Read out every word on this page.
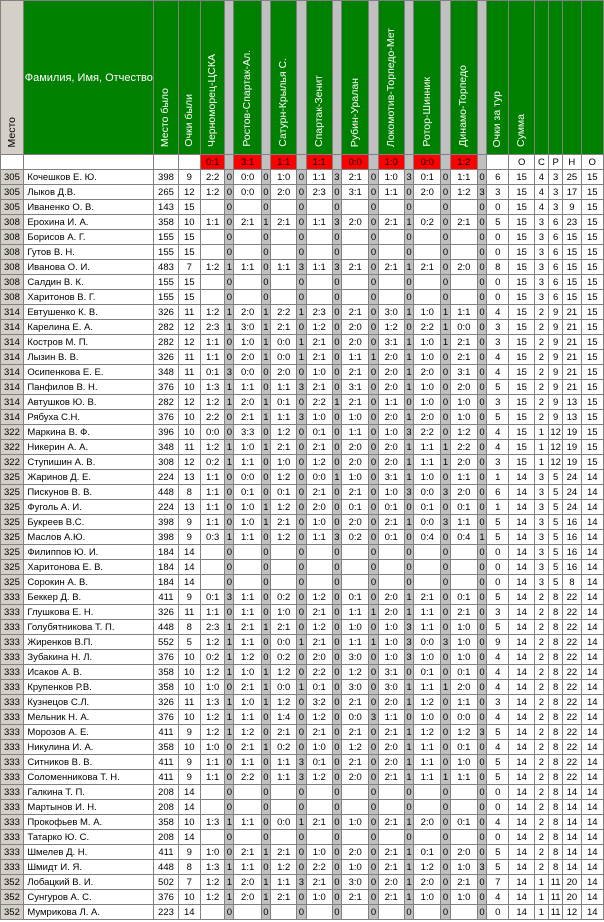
Место	Фамилия, Имя, Отчество	Место было	Очки были	Черноморец-ЦСКА		Ростов-Спартак-Ал.		Сатурн-Крылья С.		Спартак-Зенит		Рубин-Уралан		Локомотив-Торпедо-Мет		Ротор-Шинник		Динамо-Торпедо		Очки за тур	Сумма				
				0:1		3:1		1:1		1:1		0:0		1:0		0:0		1:2			О	С	Р	Н	О
305	Кочешков Е. Ю.	398	9	2:2	0	0:0	0	1:0	0	1:1	3	2:1	0	1:0	3	0:1	0	1:1	0	6	15	4	3	25	15
305	Лыков Д.В.	265	12	1:2	0	0:0	0	2:0	0	2:3	0	3:1	0	1:1	0	2:0	0	1:2	3	3	15	4	3	17	15
305	Иваненко О. В.	143	15		0		0		0		0		0		0		0		0	0	15	4	3	9	15
308	Ерохина И. А.	358	10	1:1	0	2:1	1	2:1	0	1:1	3	2:0	0	2:1	1	0:2	0	2:1	0	5	15	3	6	23	15
308	Борисов А. Г.	155	15		0		0		0		0		0		0		0		0	0	15	3	6	15	15
308	Гутов В. Н.	155	15		0		0		0		0		0		0		0		0	0	15	3	6	15	15
308	Иванова О. И.	483	7	1:2	1	1:1	0	1:1	3	1:1	3	2:1	0	2:1	1	2:1	0	2:0	0	8	15	3	6	15	15
308	Салдин В. К.	155	15		0		0		0		0		0		0		0		0	0	15	3	6	15	15
308	Харитонов В. Г.	155	15		0		0		0		0		0		0		0		0	0	15	3	6	15	15
314	Евтушенко К. В.	326	11	1:2	1	2:0	1	2:2	1	2:3	0	2:1	0	3:0	1	1:0	1	1:1	0	4	15	2	9	21	15
314	Карелина Е. А.	282	12	2:3	1	3:0	1	2:1	0	1:2	0	2:0	0	1:2	0	2:2	1	0:0	0	3	15	2	9	21	15
314	Костров М. П.	282	12	1:1	0	1:0	1	0:0	1	2:1	0	2:0	0	3:1	1	1:0	1	2:1	0	3	15	2	9	21	15
314	Лызин В. В.	326	11	1:1	0	2:0	1	0:0	1	2:1	0	1:1	1	2:0	1	1:0	0	2:1	0	4	15	2	9	21	15
314	Осипенкова Е. Е.	348	11	0:1	3	0:0	0	2:0	0	1:0	0	2:1	0	2:0	1	2:0	0	3:1	0	4	15	2	9	21	15
314	Панфилов В. Н.	376	10	1:3	1	1:1	0	1:1	3	2:1	0	3:1	0	2:0	1	1:0	0	2:0	0	5	15	2	9	21	15
314	Автушков Ю. В.	282	12	1:2	1	2:0	1	0:1	0	2:2	1	2:1	0	1:1	0	1:0	0	1:0	0	3	15	2	9	13	15
314	Рябуха С.Н.	376	10	2:2	0	2:1	1	1:1	3	1:0	0	1:0	0	2:0	1	2:0	0	1:0	0	5	15	2	9	13	15
322	Маркина В. Ф.	396	10	0:0	0	3:3	0	1:2	0	0:1	0	1:1	0	1:0	3	2:2	0	1:2	0	4	15	1	12	19	15
322	Никерин А. А.	348	11	1:2	1	1:0	1	2:1	0	2:1	0	2:0	0	2:0	1	1:1	1	2:2	0	4	15	1	12	19	15
322	Ступишин А. В.	308	12	0:2	1	1:1	0	1:0	0	1:2	0	2:0	0	2:0	1	1:1	1	2:0	0	3	15	1	12	19	15
325	Жаринов Д. Е.	224	13	1:1	0	0:0	0	1:2	0	0:0	1	1:0	0	3:1	1	1:0	0	1:1	0	1	14	3	5	24	14
325	Пискунов В. В.	448	8	1:1	0	0:1	0	0:1	0	2:1	0	2:1	0	1:0	3	0:0	3	2:0	0	6	14	3	5	24	14
325	Фуголь А. И.	224	13	1:1	0	1:0	1	1:2	0	2:0	0	0:1	0	0:1	0	0:1	0	0:1	0	1	14	3	5	24	14
325	Букреев В.С.	398	9	1:1	0	1:0	1	2:1	0	1:0	0	2:0	0	2:1	1	0:0	3	1:1	0	5	14	3	5	16	14
325	Маслов А.Ю.	398	9	0:3	1	1:1	0	1:2	0	1:1	3	0:2	0	0:1	0	0:4	0	0:4	1	5	14	3	5	16	14
325	Филиппов Ю. И.	184	14		0		0		0		0		0		0		0		0	0	14	3	5	16	14
325	Харитонова Е. В.	184	14		0		0		0		0		0		0		0		0	0	14	3	5	16	14
325	Сорокин А. В.	184	14		0		0		0		0		0		0		0		0	0	14	3	5	8	14
333	Беккер Д. В.	411	9	0:1	3	1:1	0	0:2	0	1:2	0	0:1	0	2:0	1	2:1	0	0:1	0	5	14	2	8	22	14
333	Глушкова Е. Н.	326	11	1:1	0	1:1	0	1:0	0	2:1	0	1:1	1	2:0	1	1:1	0	2:1	0	3	14	2	8	22	14
333	Голубятникова Т. П.	448	8	2:3	1	2:1	1	2:1	0	1:2	0	1:0	0	1:0	3	1:1	0	1:0	0	5	14	2	8	22	14
333	Жиренков В.П.	552	5	1:2	1	1:1	0	0:0	1	2:1	0	1:1	1	1:0	3	0:0	3	1:0	0	9	14	2	8	22	14
333	Зубакина Н. Л.	376	10	0:2	1	1:2	0	0:2	0	2:0	0	3:0	0	1:0	3	1:0	0	1:0	0	4	14	2	8	22	14
333	Исаков А. В.	358	10	1:2	1	1:0	1	1:2	0	2:2	0	1:2	0	3:1	0	0:1	0	0:1	0	4	14	2	8	22	14
333	Крупенков Р.В.	358	10	1:0	0	2:1	1	0:0	1	0:1	0	3:0	0	3:0	1	1:1	1	2:0	0	4	14	2	8	22	14
333	Кузнецов С.Л.	326	11	1:3	1	1:0	1	1:2	0	3:2	0	2:1	0	2:0	1	1:2	0	1:1	0	3	14	2	8	22	14
333	Мельник Н. А.	376	10	1:2	1	1:1	0	1:4	0	1:2	0	0:0	3	1:1	0	1:0	0	0:0	0	4	14	2	8	22	14
333	Морозов А. Е.	411	9	1:2	1	1:2	0	2:1	0	2:1	0	2:1	0	2:1	1	1:2	0	1:2	3	5	14	2	8	22	14
333	Никулина И. А.	358	10	1:0	0	2:1	1	0:2	0	1:0	0	1:2	0	2:0	1	1:1	0	0:1	0	4	14	2	8	22	14
333	Ситников В. В.	411	9	1:1	0	1:1	0	1:1	3	0:1	0	2:1	0	2:0	1	1:1	0	1:0	0	5	14	2	8	22	14
333	Соломенникова Т. Н.	411	9	1:1	0	2:2	0	1:1	3	1:2	0	2:0	0	2:1	1	1:1	1	1:1	0	5	14	2	8	22	14
333	Галкина Т. П.	208	14		0		0		0		0		0		0		0		0	0	14	2	8	14	14
333	Мартынов И. Н.	208	14		0		0		0		0		0		0		0		0	0	14	2	8	14	14
333	Прокофьев М. А.	358	10	1:3	1	1:1	0	0:0	1	2:1	0	1:0	0	2:1	1	2:0	0	0:1	0	4	14	2	8	14	14
333	Татарко Ю. С.	208	14		0		0		0		0		0		0		0		0	0	14	2	8	14	14
333	Шмелев Д. Н.	411	9	1:0	0	2:1	1	2:1	0	1:0	0	2:0	0	2:1	1	0:1	0	2:0	0	5	14	2	8	14	14
333	Шмидт И. Я.	448	8	1:3	1	1:1	0	1:2	0	2:2	0	1:0	0	2:1	1	1:2	0	1:0	3	5	14	2	8	14	14
352	Лобацкий В. И.	502	7	1:2	1	2:0	1	1:1	3	2:1	0	3:0	0	2:0	1	2:0	0	2:1	0	7	14	1	11	20	14
352	Сунгуров А. С.	376	10	1:2	1	2:0	1	2:1	0	1:0	0	2:1	0	2:1	1	1:0	0	1:0	0	4	14	1	11	20	14
352	Мумрикова Л. А.	223	14		0		0		0		0		0		0		0		0	0	14	1	11	12	14
